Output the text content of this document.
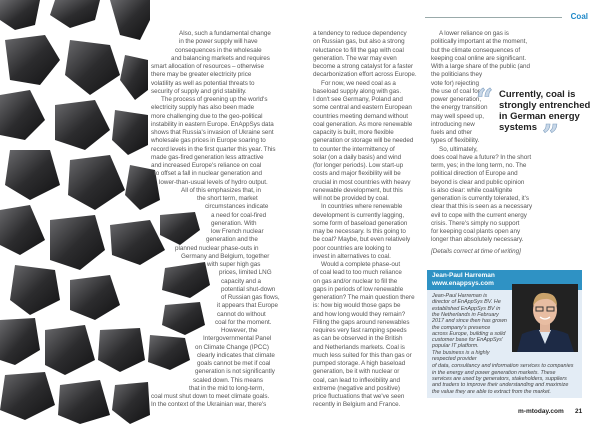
Also, such a fundamental change
in the power supply will have
consequences in the wholesale
and balancing markets and requires
smart allocation of resources – otherwise
there may be greater electricity price
volatility as well as potential threats to
security of supply and grid stability.
The process of greening up the world's
electricity supply has also been made
more challenging due to the geo-political
instability in eastern Europe. EnAppSys data
shows that Russia's invasion of Ukraine sent
wholesale gas prices in Europe soaring to
record levels in the first quarter this year. This
made gas-fired generation less attractive
and increased Europe's reliance on coal
to offset a fall in nuclear generation and
lower-than-usual levels of hydro output.
All of this emphasizes that, in
the short term, market
circumstances indicate
a need for coal-fired
generation. With
low French nuclear
generation and the
planned nuclear phase-outs in
Germany and Belgium, together
with super high gas
prices, limited LNG
capacity and a
potential shut-down
of Russian gas flows,
it appears that Europe
cannot do without
coal for the moment.
However, the
Intergovernmental Panel
on Climate Change (IPCC)
clearly indicates that climate
goals cannot be met if coal
generation is not significantly
scaled down. This means
that in the mid to long-term,
coal must shut down to meet climate goals.
In the context of the Ukrainian war, there's
a tendency to reduce dependency
on Russian gas, but also a strong
reluctance to fill the gap with coal
generation. The war may even
become a strong catalyst for a faster
decarbonization effort across Europe.
For now, we need coal as a
baseload supply along with gas.
I don't see Germany, Poland and
some central and eastern European
countries meeting demand without
coal generation. As more renewable
capacity is built, more flexible
generation or storage will be needed
to counter the intermittency of
solar (on a daily basis) and wind
(for longer periods). Low start-up
costs and major flexibility will be
crucial in most countries with heavy
renewable development, but this
will not be provided by coal.
In countries where renewable
development is currently lagging,
some form of baseload generation
may be necessary. Is this going to
be coal? Maybe, but even relatively
poor countries are looking to
invest in alternatives to coal.
Would a complete phase-out
of coal lead to too much reliance
on gas and/or nuclear to fill the
gaps in periods of low renewable
generation? The main question there
is: how big would those gaps be
and how long would they remain?
Filling the gaps around renewables
requires very fast ramping speeds
as can be observed in the British
and Netherlands markets. Coal is
much less suited for this than gas or
pumped storage. A high baseload
generation, be it with nuclear or
coal, can lead to inflexibility and
extreme (negative and positive)
price fluctuations that we've seen
recently in Belgium and France.
A lower reliance on gas is
politically important at the moment,
but the climate consequences of
keeping coal online are significant.
With a large share of the public (and
the politicians they
vote for) rejecting
the use of coal for
power generation,
the energy transition
may well speed up,
introducing new
fuels and other
types of flexibility.
So, ultimately,
does coal have a future? In the short
term, yes; in the long term, no. The
political direction of Europe and
beyond is clear and public opinion
is also clear: while coal/lignite
generation is currently tolerated, it's
clear that this is seen as a necessary
evil to cope with the current energy
crisis. There's simply no support
for keeping coal plants open any
longer than absolutely necessary.
Coal
“ Currently, coal is strongly entrenched in German energy systems ”
[Details correct at time of writing]
Jean-Paul Harreman
www.enappsys.com
Jean-Paul Harreman is
director of EnAppSys BV. He
established EnAppSys BV in
the Netherlands in February
2017 and since then has grown
the company's presence
across Europe, building a solid
customer base for EnAppSys'
popular IT platform.
The business is a highly
respected provider
of data, consultancy and information services to companies
in the energy and power generation markets. These
services are used by generators, stakeholders, suppliers
and traders to improve their understanding and maximize
the value they are able to extract from the market.
m-mtoday.com 21
